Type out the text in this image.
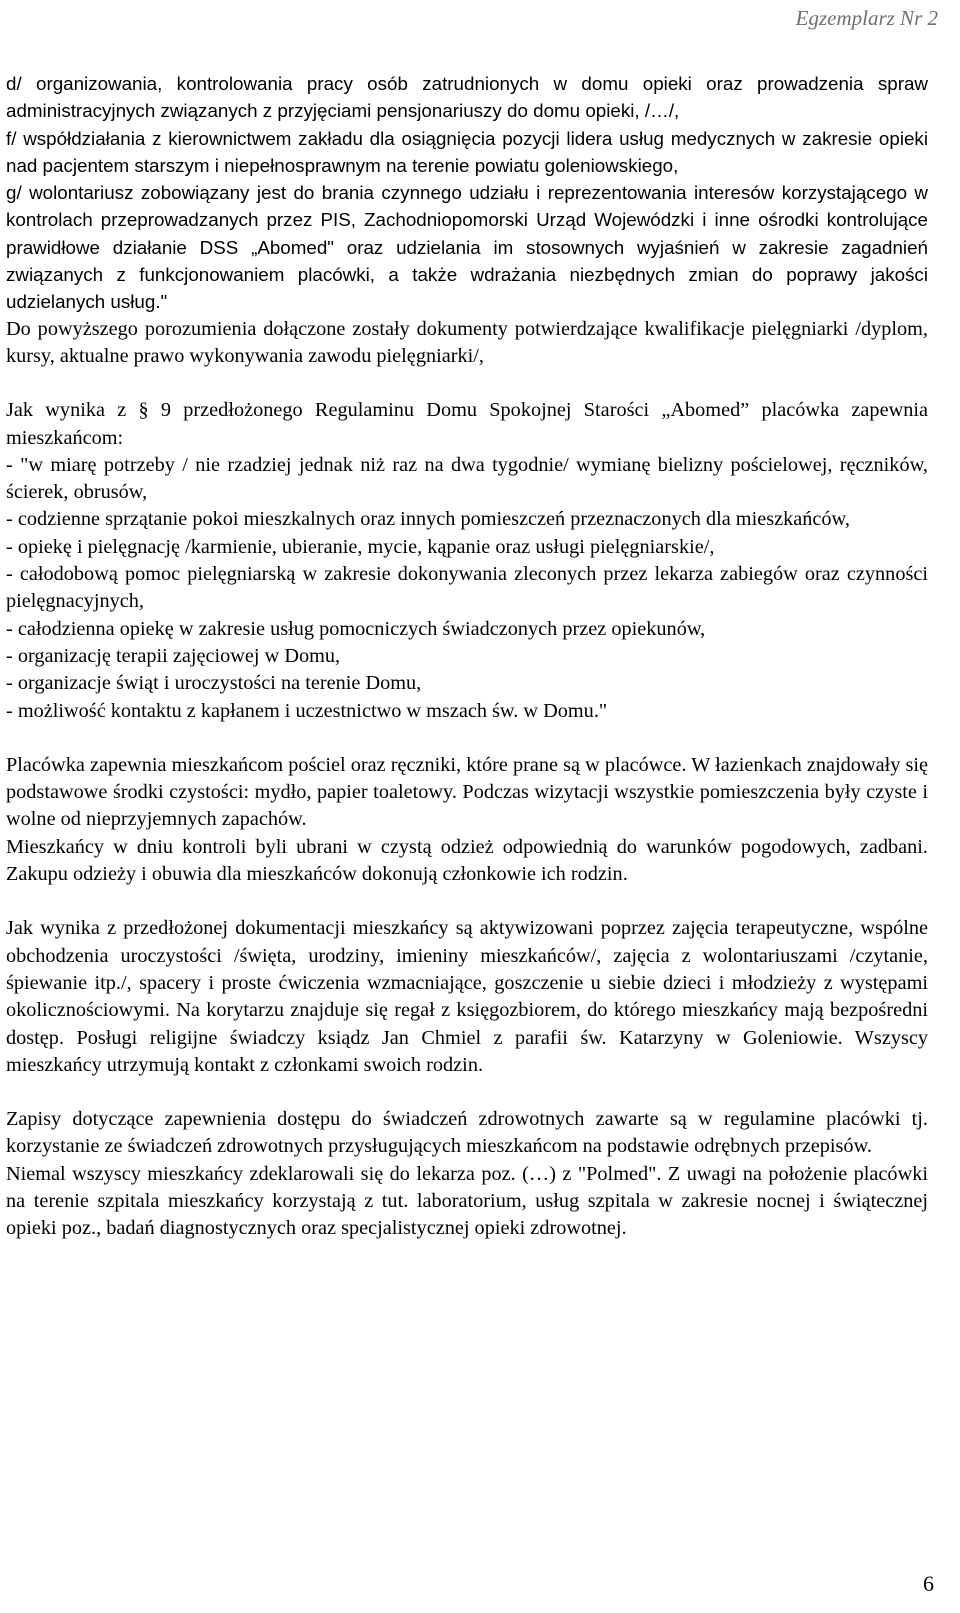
Egzemplarz Nr 2

d/ organizowania, kontrolowania pracy osób zatrudnionych w domu opieki oraz prowadzenia spraw administracyjnych związanych z przyjęciami pensjonariuszy do domu opieki, /…/,

f/ współdziałania z kierownictwem zakładu dla osiągnięcia pozycji lidera usług medycznych w zakresie opieki nad pacjentem starszym i niepełnosprawnym na terenie powiatu goleniowskiego,

g/ wolontariusz zobowiązany jest do brania czynnego udziału i reprezentowania interesów korzystającego w kontrolach przeprowadzanych przez PIS, Zachodniopomorski Urząd Wojewódzki i inne ośrodki kontrolujące prawidłowe działanie DSS „Abomed" oraz udzielania im stosownych wyjaśnień w zakresie zagadnień związanych z funkcjonowaniem placówki, a także wdrażania niezbędnych zmian do poprawy jakości udzielanych usług."

Do powyższego porozumienia dołączone zostały dokumenty potwierdzające kwalifikacje pielęgniarki /dyplom, kursy, aktualne prawo wykonywania zawodu pielęgniarki/,

Jak wynika z § 9 przedłożonego Regulaminu Domu Spokojnej Starości „Abomed” placówka zapewnia mieszkańcom:

- "w miarę potrzeby / nie rzadziej jednak niż raz na dwa tygodnie/ wymianę bielizny pościelowej, ręczników, ścierek, obrusów,

- codzienne sprzątanie pokoi mieszkalnych oraz innych pomieszczeń przeznaczonych dla mieszkańców,

- opiekę i pielęgnację /karmienie, ubieranie, mycie, kąpanie oraz usługi pielęgniarskie/,

- całodobową pomoc pielęgniarską w zakresie dokonywania zleconych przez lekarza zabiegów oraz czynności pielęgnacyjnych,

- całodzienna opiekę w zakresie usług pomocniczych świadczonych przez opiekunów,

- organizację terapii zajęciowej w Domu,

- organizacje świąt i uroczystości na terenie Domu,

- możliwość kontaktu z kapłanem i uczestnictwo w mszach św. w Domu."

Placówka zapewnia mieszkańcom pościel oraz ręczniki, które prane są w placówce. W łazienkach znajdowały się podstawowe środki czystości: mydło, papier toaletowy. Podczas wizytacji wszystkie pomieszczenia były czyste i wolne od nieprzyjemnych zapachów.

Mieszkańcy w dniu kontroli byli ubrani w czystą odzież odpowiednią do warunków pogodowych, zadbani. Zakupu odzieży i obuwia dla mieszkańców dokonują członkowie ich rodzin.

Jak wynika z przedłożonej dokumentacji mieszkańcy są aktywizowani poprzez zajęcia terapeutyczne, wspólne obchodzenia uroczystości /święta, urodziny, imieniny mieszkańców/, zajęcia z wolontariuszami /czytanie, śpiewanie itp./, spacery i proste ćwiczenia wzmacniające, goszczenie u siebie dzieci i młodzieży z występami okolicznościowymi. Na korytarzu znajduje się regał z księgozbiorem, do którego mieszkańcy mają bezpośredni dostęp. Posługi religijne świadczy ksiądz Jan Chmiel z parafii św. Katarzyny w Goleniowie. Wszyscy mieszkańcy utrzymują kontakt z członkami swoich rodzin.

Zapisy dotyczące zapewnienia dostępu do świadczeń zdrowotnych zawarte są w regulamine placówki tj. korzystanie ze świadczeń zdrowotnych przysługujących mieszkańcom na podstawie odrębnych przepisów.

Niemal wszyscy mieszkańcy zdeklarowali się do lekarza poz. (…) z "Polmed". Z uwagi na położenie placówki na terenie szpitala mieszkańcy korzystają z tut. laboratorium, usług szpitala w zakresie nocnej i świątecznej opieki poz., badań diagnostycznych oraz specjalistycznej opieki zdrowotnej.

6
